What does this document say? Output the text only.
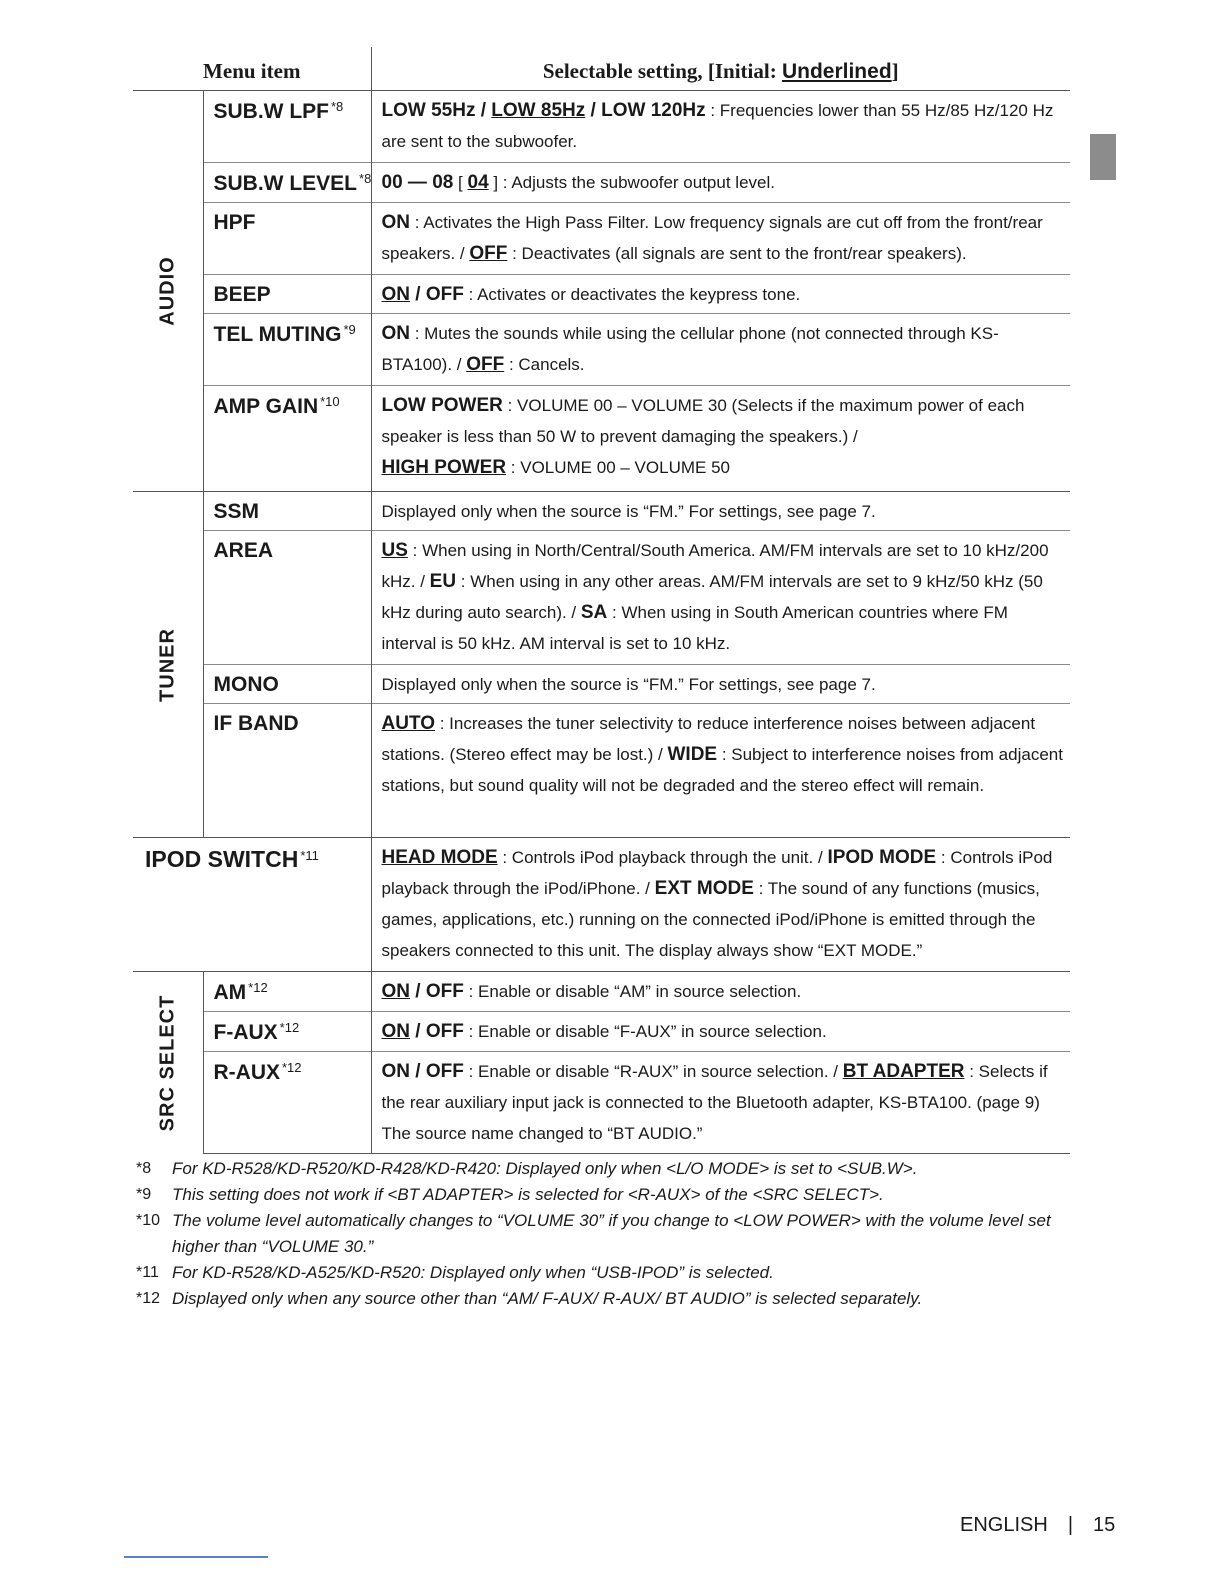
Menu item		Selectable setting, [Initial: Underlined]

AUDIO	SUB.W LPF $^{*8}$	LOW 55Hz / LOW 85Hz / LOW 120Hz : Frequencies lower than 55 Hz/85 Hz/120 Hz are sent to the subwoofer.
	SUB.W LEVEL $^{*8}$	00 — 08 [ 04 ] : Adjusts the subwoofer output level.
	HPF	ON : Activates the High Pass Filter. Low frequency signals are cut off from the front/rear speakers. / OFF : Deactivates (all signals are sent to the front/rear speakers).
	BEEP	ON / OFF : Activates or deactivates the keypress tone.
	TEL MUTING $^{*9}$	ON : Mutes the sounds while using the cellular phone (not connected through KS-BTA100). / OFF : Cancels.
	AMP GAIN $^{*10}$	LOW POWER : VOLUME 00 – VOLUME 30 (Selects if the maximum power of each speaker is less than 50 W to prevent damaging the speakers.) /
HIGH POWER : VOLUME 00 – VOLUME 50

TUNER	SSM	Displayed only when the source is “FM.” For settings, see page 7.
	AREA	US : When using in North/Central/South America. AM/FM intervals are set to 10 kHz/200 kHz. / EU : When using in any other areas. AM/FM intervals are set to 9 kHz/50 kHz (50 kHz during auto search). / SA : When using in South American countries where FM interval is 50 kHz. AM interval is set to 10 kHz.
	MONO	Displayed only when the source is “FM.” For settings, see page 7.
	IF BAND	AUTO : Increases the tuner selectivity to reduce interference noises between adjacent stations. (Stereo effect may be lost.) / WIDE : Subject to interference noises from adjacent stations, but sound quality will not be degraded and the stereo effect will remain.
IPOD SWITCH $^{*11}$		HEAD MODE : Controls iPod playback through the unit. / IPOD MODE : Controls iPod playback through the iPod/iPhone. / EXT MODE : The sound of any functions (musics, games, applications, etc.) running on the connected iPod/iPhone is emitted through the speakers connected to this unit. The display always show “EXT MODE.”

SRC SELECT	AM $^{*12}$	ON / OFF : Enable or disable “AM” in source selection.
	F-AUX $^{*12}$	ON / OFF : Enable or disable “F-AUX” in source selection.
	R-AUX $^{*12}$	ON / OFF : Enable or disable “R-AUX” in source selection. / BT ADAPTER : Selects if the rear auxiliary input jack is connected to the Bluetooth adapter, KS-BTA100. (page 9) The source name changed to “BT AUDIO.”
*8	For KD-R528/KD-R520/KD-R428/KD-R420: Displayed only when <L/O MODE> is set to <SUB.W>.
*9	This setting does not work if <BT ADAPTER> is selected for <R-AUX> of the <SRC SELECT>.
*10 The volume level automatically changes to “VOLUME 30” if you change to <LOW POWER> with the volume level set higher than “VOLUME 30.”
*11 For KD-R528/KD-A525/KD-R520: Displayed only when “USB-IPOD” is selected.
*12 Displayed only when any source other than “AM/ F-AUX/ R-AUX/ BT AUDIO” is selected separately.
ENGLISH | 15
